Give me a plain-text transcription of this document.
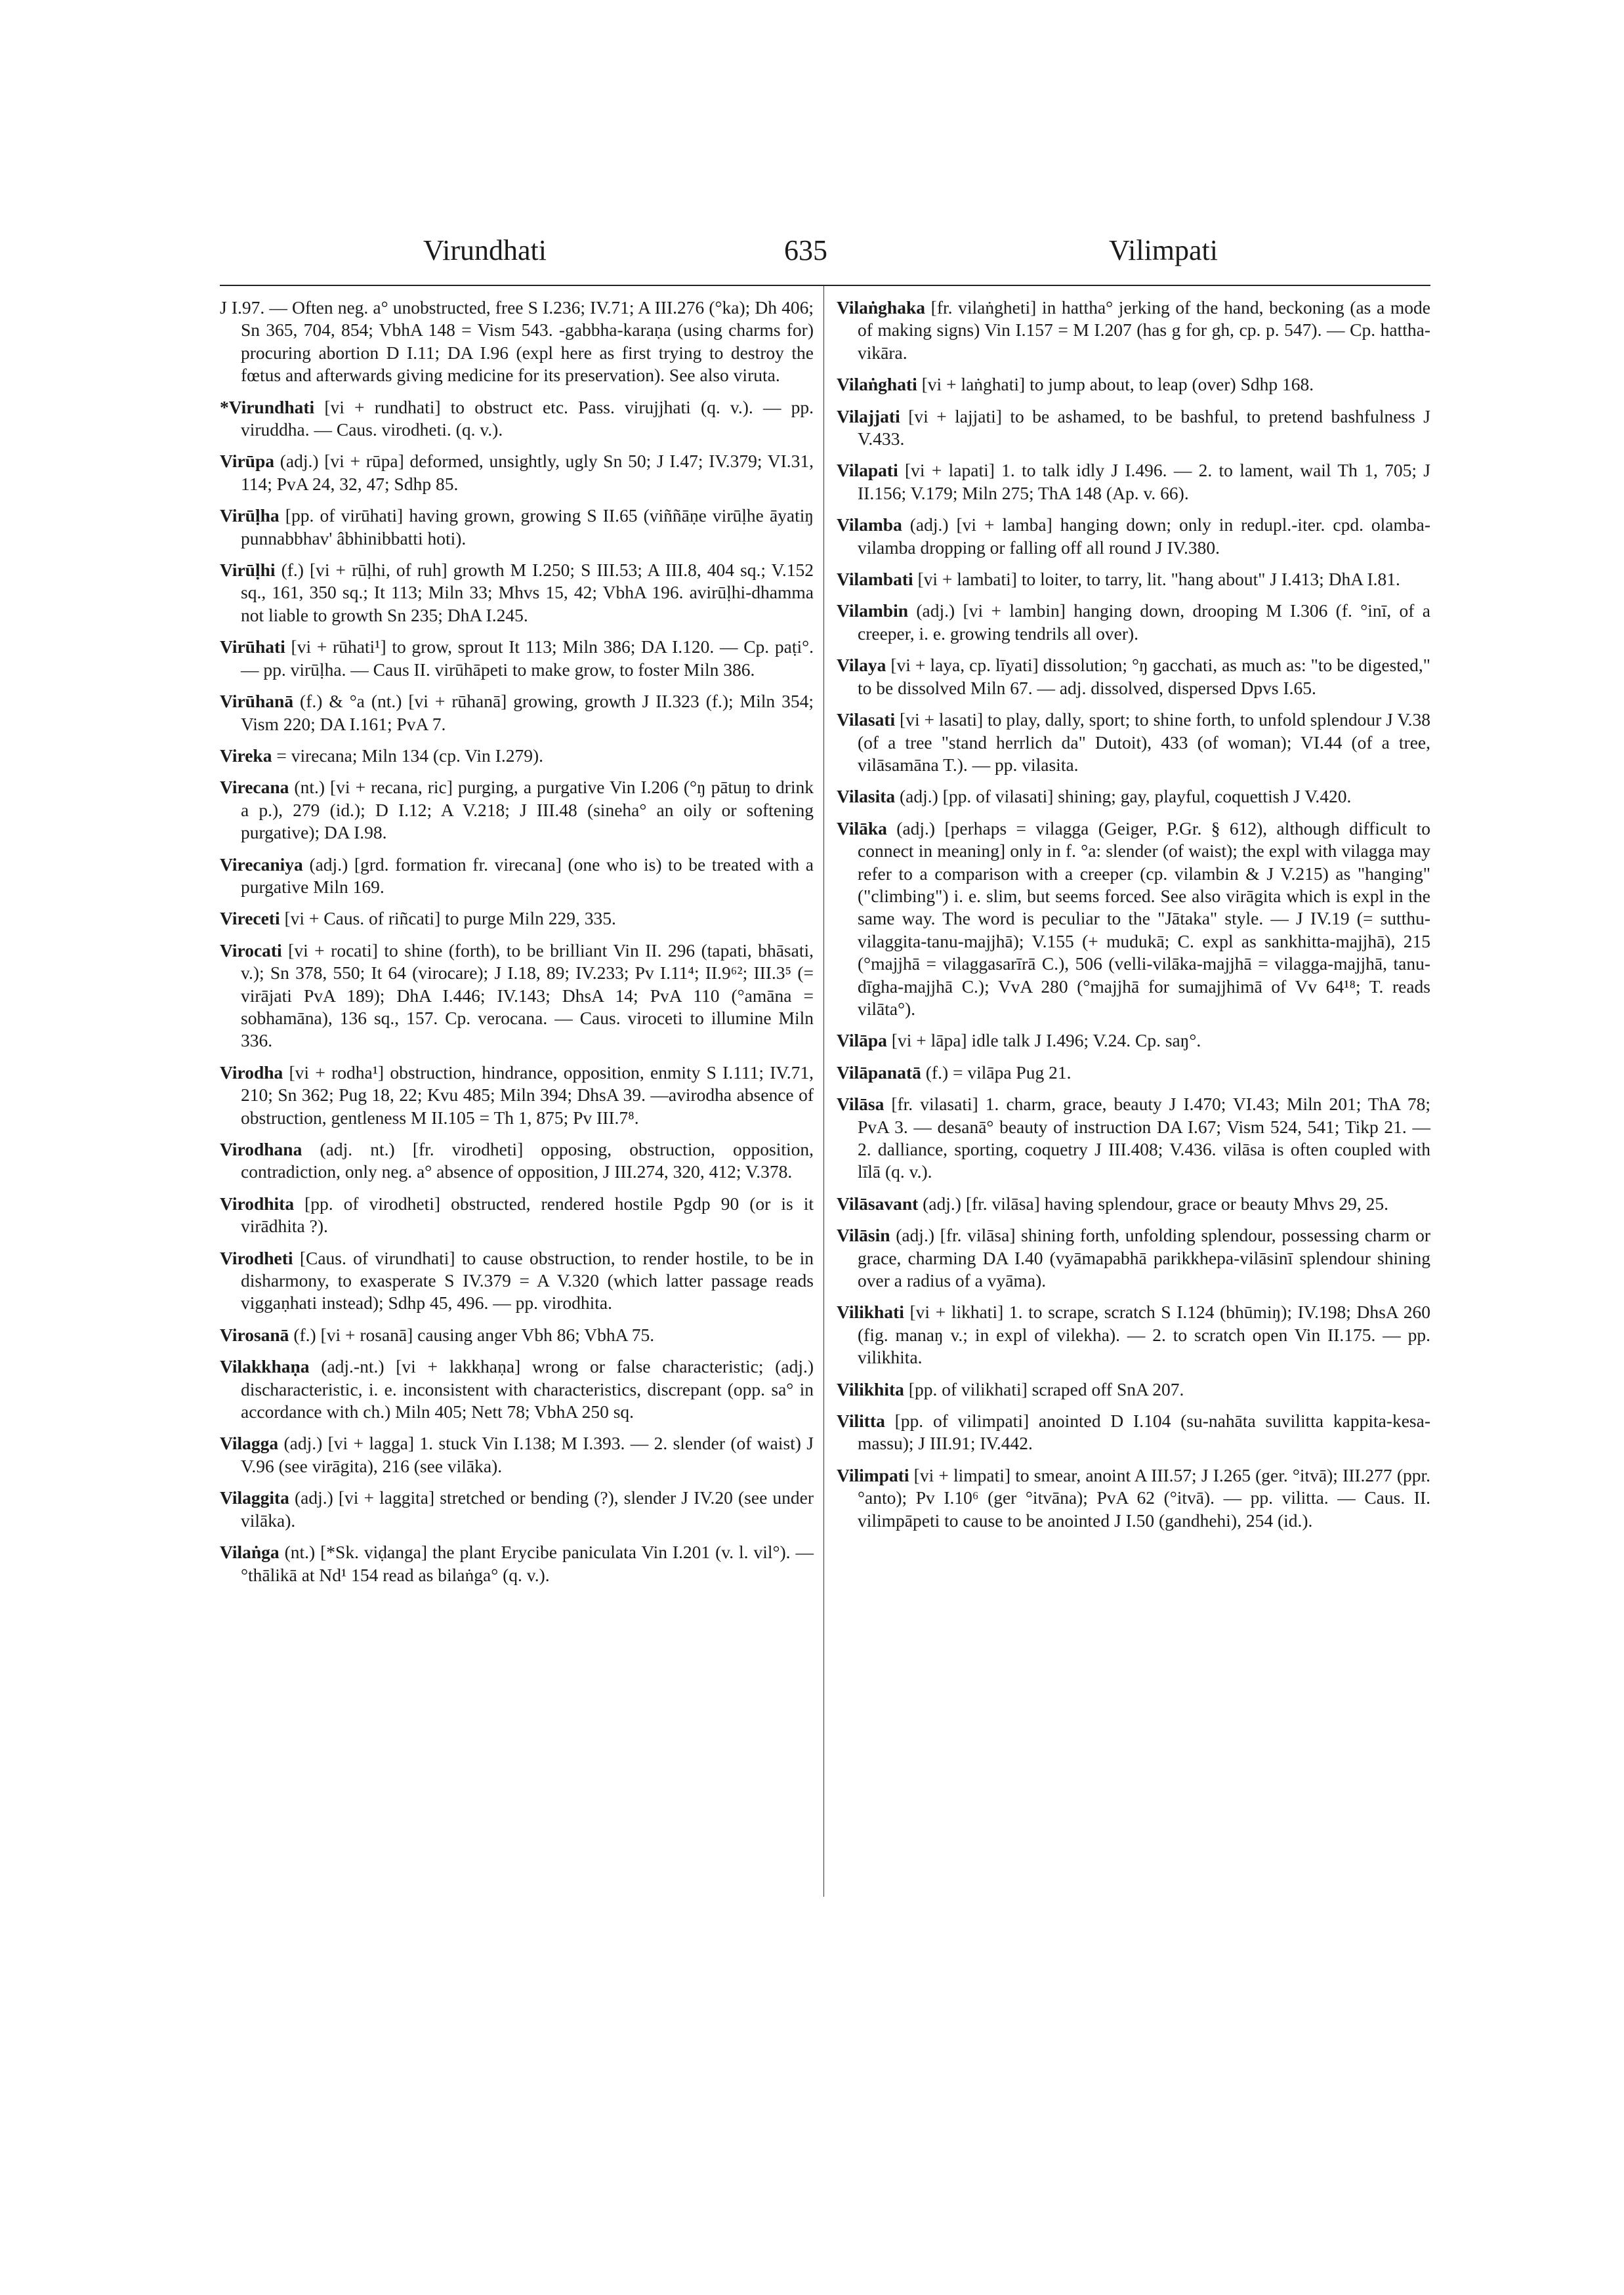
Virundhati	635	Vilimpati

J I.97. — Often neg. a° unobstructed, free S I.236; IV.71; A III.276 (°ka); Dh 406; Sn 365, 704, 854; VbhA 148 = Vism 543. -gabbha-karaṇa (using charms for) procuring abortion D I.11; DA I.96 (expl here as first trying to destroy the fœtus and afterwards giving medicine for its preservation). See also viruta.

*Virundhati [vi + rundhati] to obstruct etc. Pass. virujjhati (q. v.). — pp. viruddha. — Caus. virodheti. (q. v.).

Virūpa (adj.) [vi + rūpa] deformed, unsightly, ugly Sn 50; J I.47; IV.379; VI.31, 114; PvA 24, 32, 47; Sdhp 85.

Virūḷha [pp. of virūhati] having grown, growing S II.65 (viññāṇe virūḷhe āyatiŋ punnabbhav' âbhinibbatti hoti).

Virūḷhi (f.) [vi + rūḷhi, of ruh] growth M I.250; S III.53; A III.8, 404 sq.; V.152 sq., 161, 350 sq.; It 113; Miln 33; Mhvs 15, 42; VbhA 196. avirūḷhi-dhamma not liable to growth Sn 235; DhA I.245.

Virūhati [vi + rūhati¹] to grow, sprout It 113; Miln 386; DA I.120. — Cp. paṭi°. — pp. virūḷha. — Caus II. virūhāpeti to make grow, to foster Miln 386.

Virūhanā (f.) & °a (nt.) [vi + rūhanā] growing, growth J II.323 (f.); Miln 354; Vism 220; DA I.161; PvA 7.

Vireka = virecana; Miln 134 (cp. Vin I.279).

Virecana (nt.) [vi + recana, ric] purging, a purgative Vin I.206 (°ŋ pātuŋ to drink a p.), 279 (id.); D I.12; A V.218; J III.48 (sineha° an oily or softening purgative); DA I.98.

Virecaniya (adj.) [grd. formation fr. virecana] (one who is) to be treated with a purgative Miln 169.

Vireceti [vi + Caus. of riñcati] to purge Miln 229, 335.

Virocati [vi + rocati] to shine (forth), to be brilliant Vin II. 296 (tapati, bhāsati, v.); Sn 378, 550; It 64 (virocare); J I.18, 89; IV.233; Pv I.11⁴; II.9⁶²; III.3⁵ (= virājati PvA 189); DhA I.446; IV.143; DhsA 14; PvA 110 (°amāna = sobhamāna), 136 sq., 157. Cp. verocana. — Caus. viroceti to illumine Miln 336.

Virodha [vi + rodha¹] obstruction, hindrance, opposition, enmity S I.111; IV.71, 210; Sn 362; Pug 18, 22; Kvu 485; Miln 394; DhsA 39. —avirodha absence of obstruction, gentleness M II.105 = Th 1, 875; Pv III.7⁸.

Virodhana (adj. nt.) [fr. virodheti] opposing, obstruction, opposition, contradiction, only neg. a° absence of opposition, J III.274, 320, 412; V.378.

Virodhita [pp. of virodheti] obstructed, rendered hostile Pgdp 90 (or is it virādhita ?).

Virodheti [Caus. of virundhati] to cause obstruction, to render hostile, to be in disharmony, to exasperate S IV.379 = A V.320 (which latter passage reads viggaṇhati instead); Sdhp 45, 496. — pp. virodhita.

Virosanā (f.) [vi + rosanā] causing anger Vbh 86; VbhA 75.

Vilakkhaṇa (adj.-nt.) [vi + lakkhaṇa] wrong or false characteristic; (adj.) discharacteristic, i. e. inconsistent with characteristics, discrepant (opp. sa° in accordance with ch.) Miln 405; Nett 78; VbhA 250 sq.

Vilagga (adj.) [vi + lagga] 1. stuck Vin I.138; M I.393. — 2. slender (of waist) J V.96 (see virāgita), 216 (see vilāka).

Vilaggita (adj.) [vi + laggita] stretched or bending (?), slender J IV.20 (see under vilāka).

Vilaṅga (nt.) [*Sk. viḍanga] the plant Erycibe paniculata Vin I.201 (v. l. vil°). — °thālikā at Nd¹ 154 read as bilaṅga° (q. v.).

Vilaṅghaka [fr. vilaṅgheti] in hattha° jerking of the hand, beckoning (as a mode of making signs) Vin I.157 = M I.207 (has g for gh, cp. p. 547). — Cp. hattha-vikāra.

Vilaṅghati [vi + laṅghati] to jump about, to leap (over) Sdhp 168.

Vilajjati [vi + lajjati] to be ashamed, to be bashful, to pretend bashfulness J V.433.

Vilapati [vi + lapati] 1. to talk idly J I.496. — 2. to lament, wail Th 1, 705; J II.156; V.179; Miln 275; ThA 148 (Ap. v. 66).

Vilamba (adj.) [vi + lamba] hanging down; only in redupl.-iter. cpd. olamba-vilamba dropping or falling off all round J IV.380.

Vilambati [vi + lambati] to loiter, to tarry, lit. "hang about" J I.413; DhA I.81.

Vilambin (adj.) [vi + lambin] hanging down, drooping M I.306 (f. °inī, of a creeper, i. e. growing tendrils all over).

Vilaya [vi + laya, cp. līyati] dissolution; °ŋ gacchati, as much as: "to be digested," to be dissolved Miln 67. — adj. dissolved, dispersed Dpvs I.65.

Vilasati [vi + lasati] to play, dally, sport; to shine forth, to unfold splendour J V.38 (of a tree "stand herrlich da" Dutoit), 433 (of woman); VI.44 (of a tree, vilāsamāna T.). — pp. vilasita.

Vilasita (adj.) [pp. of vilasati] shining; gay, playful, coquettish J V.420.

Vilāka (adj.) [perhaps = vilagga (Geiger, P.Gr. § 612), although difficult to connect in meaning] only in f. °a: slender (of waist); the expl with vilagga may refer to a comparison with a creeper (cp. vilambin & J V.215) as "hanging" ("climbing") i. e. slim, but seems forced. See also virāgita which is expl in the same way. The word is peculiar to the "Jātaka" style. — J IV.19 (= sutthu-vilaggita-tanu-majjhā); V.155 (+ mudukā; C. expl as sankhitta-majjhā), 215 (°majjhā = vilaggasarīrā C.), 506 (velli-vilāka-majjhā = vilagga-majjhā, tanu-dīgha-majjhā C.); VvA 280 (°majjhā for sumajjhimā of Vv 64¹⁸; T. reads vilāta°).

Vilāpa [vi + lāpa] idle talk J I.496; V.24. Cp. saŋ°.

Vilāpanatā (f.) = vilāpa Pug 21.

Vilāsa [fr. vilasati] 1. charm, grace, beauty J I.470; VI.43; Miln 201; ThA 78; PvA 3. — desanā° beauty of instruction DA I.67; Vism 524, 541; Tikp 21. — 2. dalliance, sporting, coquetry J III.408; V.436. vilāsa is often coupled with līlā (q. v.).

Vilāsavant (adj.) [fr. vilāsa] having splendour, grace or beauty Mhvs 29, 25.

Vilāsin (adj.) [fr. vilāsa] shining forth, unfolding splendour, possessing charm or grace, charming DA I.40 (vyāmapabhā parikkhepa-vilāsinī splendour shining over a radius of a vyāma).

Vilikhati [vi + likhati] 1. to scrape, scratch S I.124 (bhūmiŋ); IV.198; DhsA 260 (fig. manaŋ v.; in expl of vilekha). — 2. to scratch open Vin II.175. — pp. vilikhita.

Vilikhita [pp. of vilikhati] scraped off SnA 207.

Vilitta [pp. of vilimpati] anointed D I.104 (su-nahāta suvilitta kappita-kesa-massu); J III.91; IV.442.

Vilimpati [vi + limpati] to smear, anoint A III.57; J I.265 (ger. °itvā); III.277 (ppr. °anto); Pv I.10⁶ (ger °itvāna); PvA 62 (°itvā). — pp. vilitta. — Caus. II. vilimpāpeti to cause to be anointed J I.50 (gandhehi), 254 (id.).
